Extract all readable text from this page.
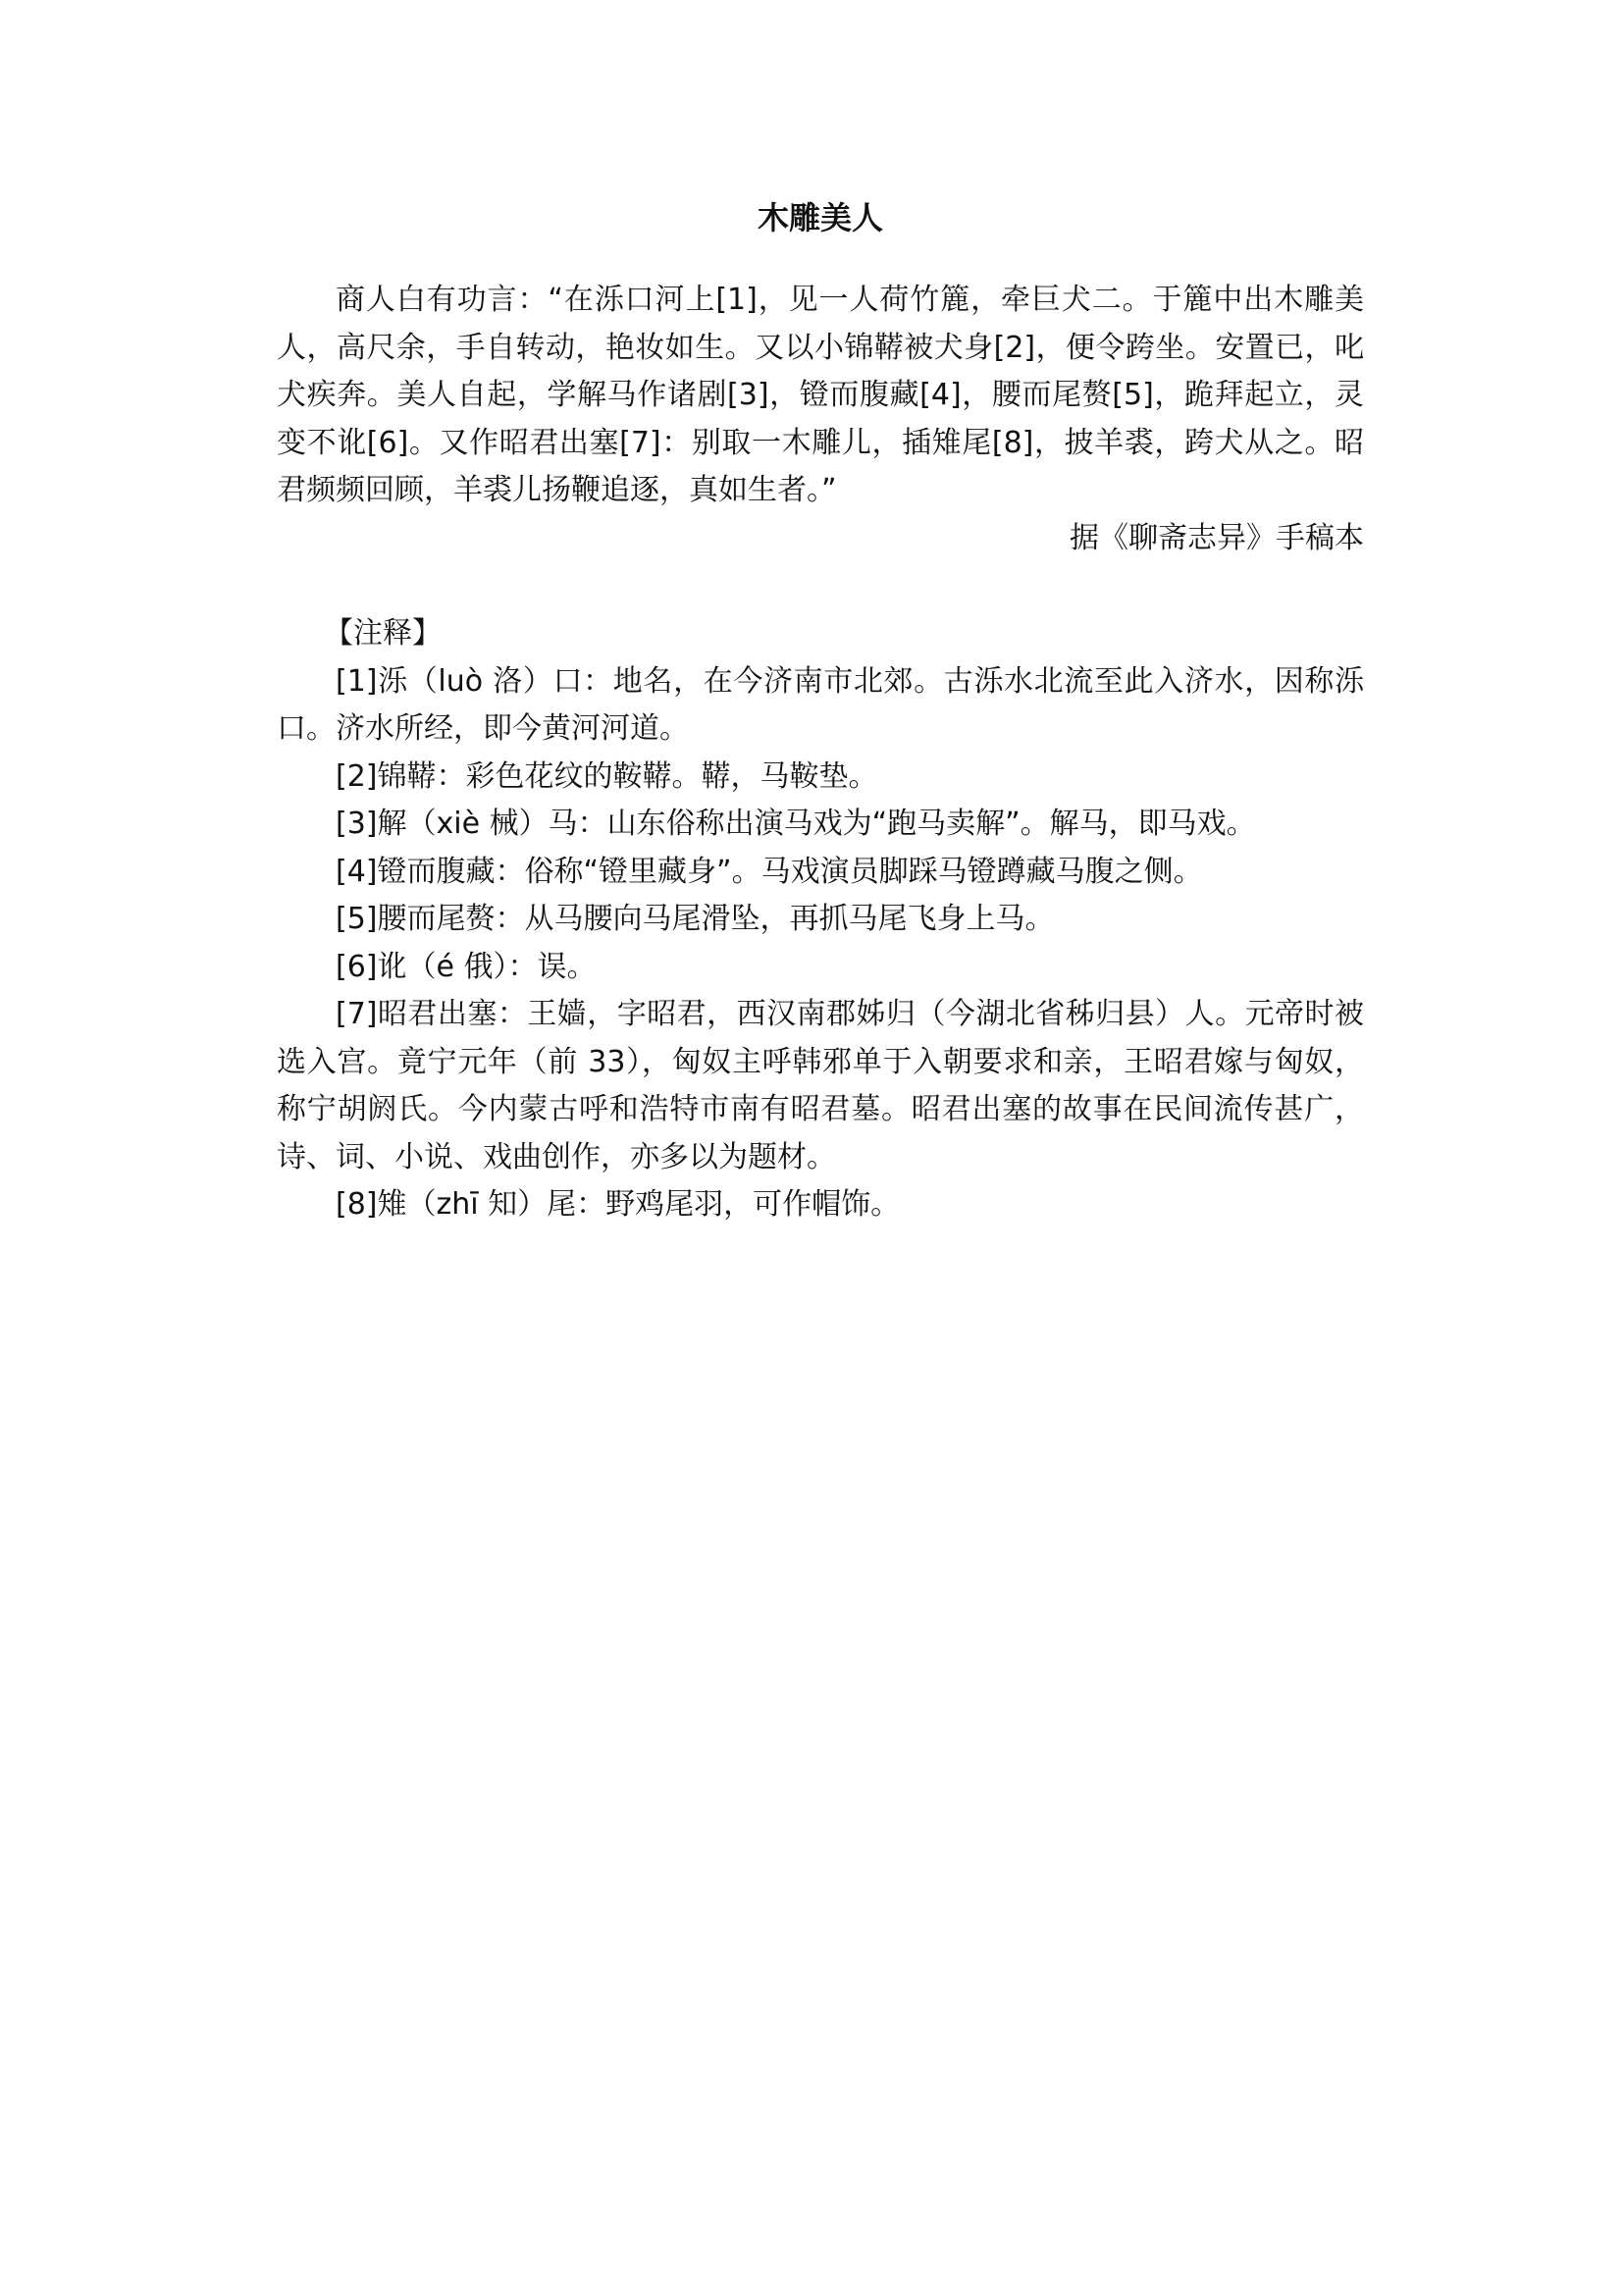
木雕美人

商人白有功言：“在泺口河上[1]，见一人荷竹簏，牵巨犬二。于簏中出木雕美人，高尺余，手自转动，艳妆如生。又以小锦鞯被犬身[2]，便令跨坐。安置已，叱犬疾奔。美人自起，学解马作诸剧[3]，镫而腹藏[4]，腰而尾赘[5]，跪拜起立，灵变不讹[6]。又作昭君出塞[7]：别取一木雕儿，插雉尾[8]，披羊裘，跨犬从之。昭君频频回顾，羊裘儿扬鞭追逐，真如生者。”

据《聊斋志异》手稿本

【注释】

[1]泺（luò 洛）口：地名，在今济南市北郊。古泺水北流至此入济水，因称泺口。济水所经，即今黄河河道。

[2]锦鞯：彩色花纹的鞍鞯。鞯，马鞍垫。

[3]解（xiè 械）马：山东俗称出演马戏为“跑马卖解”。解马，即马戏。

[4]镫而腹藏：俗称“镫里藏身”。马戏演员脚踩马镫蹲藏马腹之侧。

[5]腰而尾赘：从马腰向马尾滑坠，再抓马尾飞身上马。

[6]讹（é 俄）：误。

[7]昭君出塞：王嫱，字昭君，西汉南郡姊归（今湖北省秭归县）人。元帝时被选入宫。竟宁元年（前 33），匈奴主呼韩邪单于入朝要求和亲，王昭君嫁与匈奴，称宁胡阏氏。今内蒙古呼和浩特市南有昭君墓。昭君出塞的故事在民间流传甚广，诗、词、小说、戏曲创作，亦多以为题材。

[8]雉（zhī 知）尾：野鸡尾羽，可作帽饰。
